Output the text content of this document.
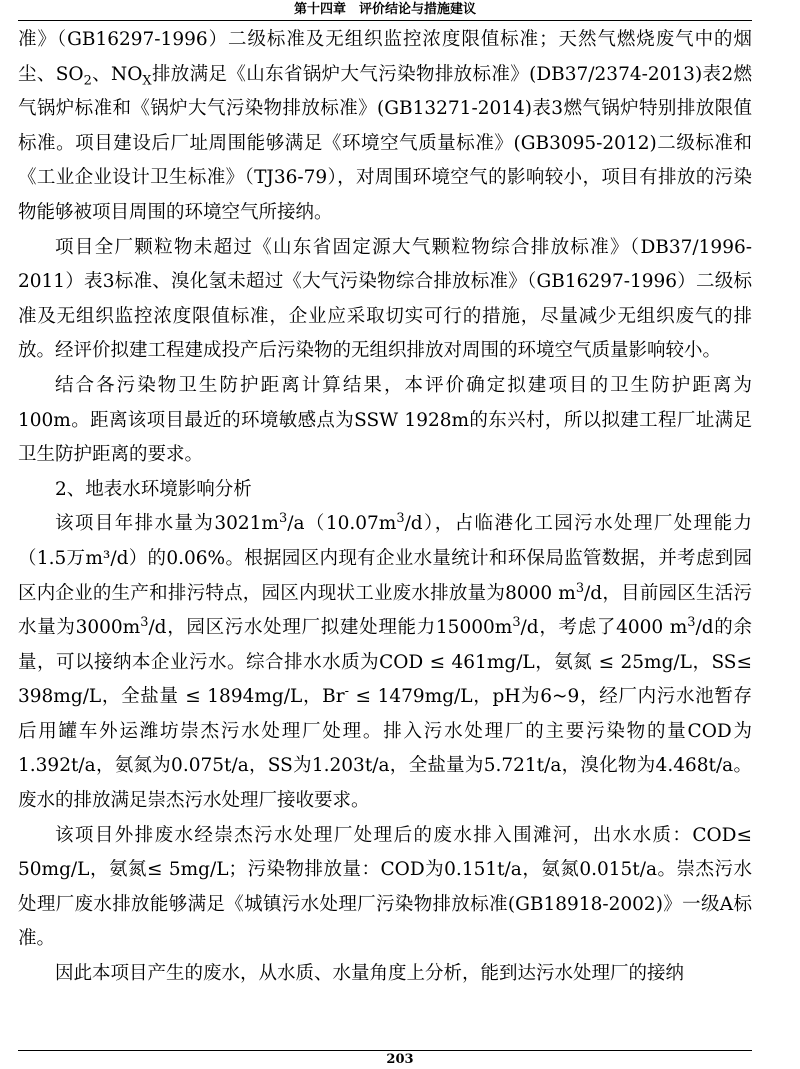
第十四章　评价结论与措施建议

准》（GB16297-1996）二级标准及无组织监控浓度限值标准；天然气燃烧废气中的烟尘、$SO_2$、$NO_X$排放满足《山东省锅炉大气污染物排放标准》(DB37/2374-2013)表2燃气锅炉标准和《锅炉大气污染物排放标准》(GB13271-2014)表3燃气锅炉特别排放限值标准。项目建设后厂址周围能够满足《环境空气质量标准》(GB3095-2012)二级标准和《工业企业设计卫生标准》（TJ36-79），对周围环境空气的影响较小，项目有排放的污染物能够被项目周围的环境空气所接纳。

项目全厂颗粒物未超过《山东省固定源大气颗粒物综合排放标准》（DB37/1996-2011）表3标准、溴化氢未超过《大气污染物综合排放标准》（GB16297-1996）二级标准及无组织监控浓度限值标准，企业应采取切实可行的措施，尽量减少无组织废气的排放。经评价拟建工程建成投产后污染物的无组织排放对周围的环境空气质量影响较小。

结合各污染物卫生防护距离计算结果，本评价确定拟建项目的卫生防护距离为100m。距离该项目最近的环境敏感点为SSW 1928m的东兴村，所以拟建工程厂址满足卫生防护距离的要求。

2、地表水环境影响分析

该项目年排水量为$3021m^3/a(10.07m^3/d)$，占临港化工园污水处理厂处理能力（1.5万m³/d）的0.06%。根据园区内现有企业水量统计和环保局监管数据，并考虑到园区内企业的生产和排污特点，园区内现状工业废水排放量为8000 $m^3/d$，目前园区生活污水量为$3000m^3/d$，园区污水处理厂拟建处理能力$15000m^3/d$，考虑了4000 $m^3/d$的余量，可以接纳本企业污水。综合排水水质为COD ≤ 461mg/L，氨氮 ≤ 25mg/L，SS≤ 398mg/L，全盐量 ≤ 1894mg/L，Br- ≤ 1479mg/L，pH为6~9，经厂内污水池暂存后用罐车外运潍坊崇杰污水处理厂处理。排入污水处理厂的主要污染物的量COD为1.392t/a，氨氮为0.075t/a，SS为1.203t/a，全盐量为5.721t/a，溴化物为4.468t/a。废水的排放满足崇杰污水处理厂接收要求。

该项目外排废水经崇杰污水处理厂处理后的废水排入围滩河，出水水质：COD≤ 50mg/L，氨氮≤ 5mg/L；污染物排放量：COD为0.151t/a，氨氮0.015t/a。崇杰污水处理厂废水排放能够满足《城镇污水处理厂污染物排放标准(GB18918-2002)》一级A标准。

因此本项目产生的废水，从水质、水量角度上分析，能到达污水处理厂的接纳

203
